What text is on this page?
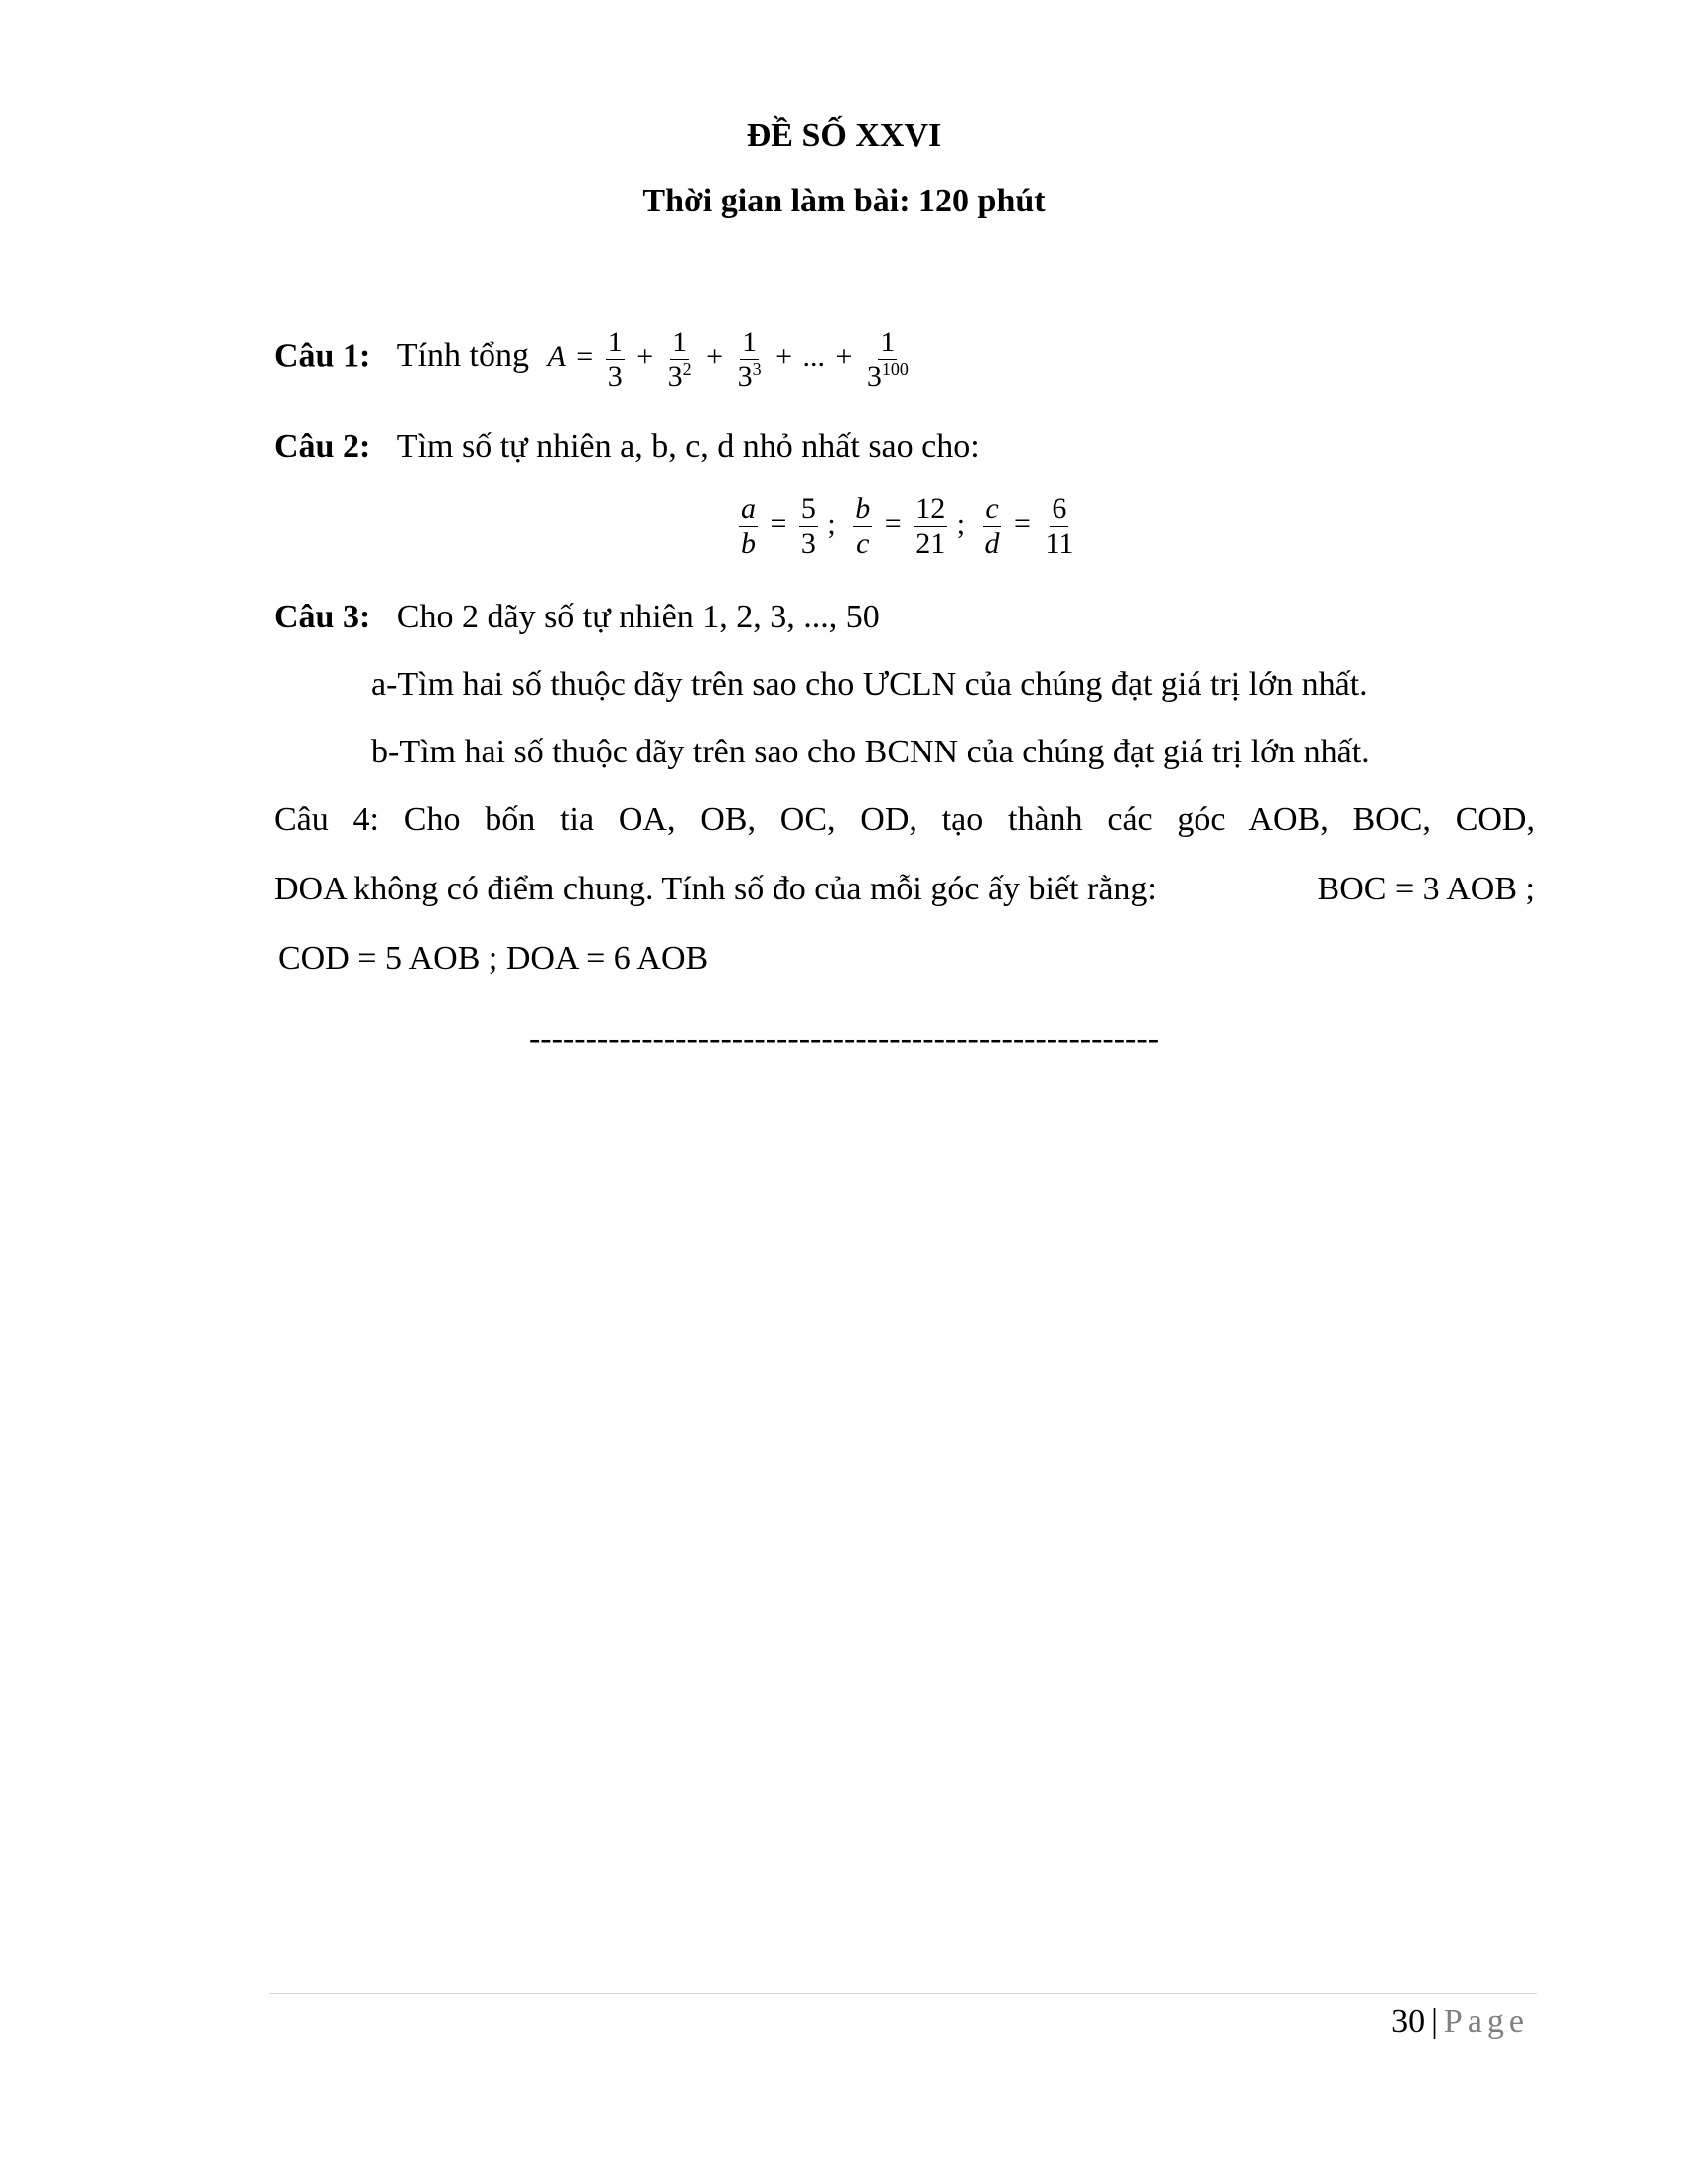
ĐỀ SỐ XXVI
Thời gian làm bài: 120 phút
Câu 1: Tính tổng $A = \frac{1}{3} + \frac{1}{3^2} + \frac{1}{3^3}$ + ... + $\frac{1}{3^{100}}$
Câu 2: Tìm số tự nhiên a, b, c, d nhỏ nhất sao cho:
$\frac{a}{b} = \frac{5}{3}$ ; $\frac{b}{c} = \frac{12}{21}$ ; $\frac{c}{d} = \frac{6}{11}$
Câu 3: Cho 2 dãy số tự nhiên 1, 2, 3, ..., 50
a-Tìm hai số thuộc dãy trên sao cho ƯCLN của chúng đạt giá trị lớn nhất.
b-Tìm hai số thuộc dãy trên sao cho BCNN của chúng đạt giá trị lớn nhất.
Câu 4: Cho bốn tia OA, OB, OC, OD, tạo thành các góc AOB, BOC, COD,
DOA không có điểm chung. Tính số đo của mỗi góc ấy biết rằng:	BOC = 3 AOB ;
COD = 5 AOB ; DOA = 6 AOB
--------------------------------------------------------
30 | Page
